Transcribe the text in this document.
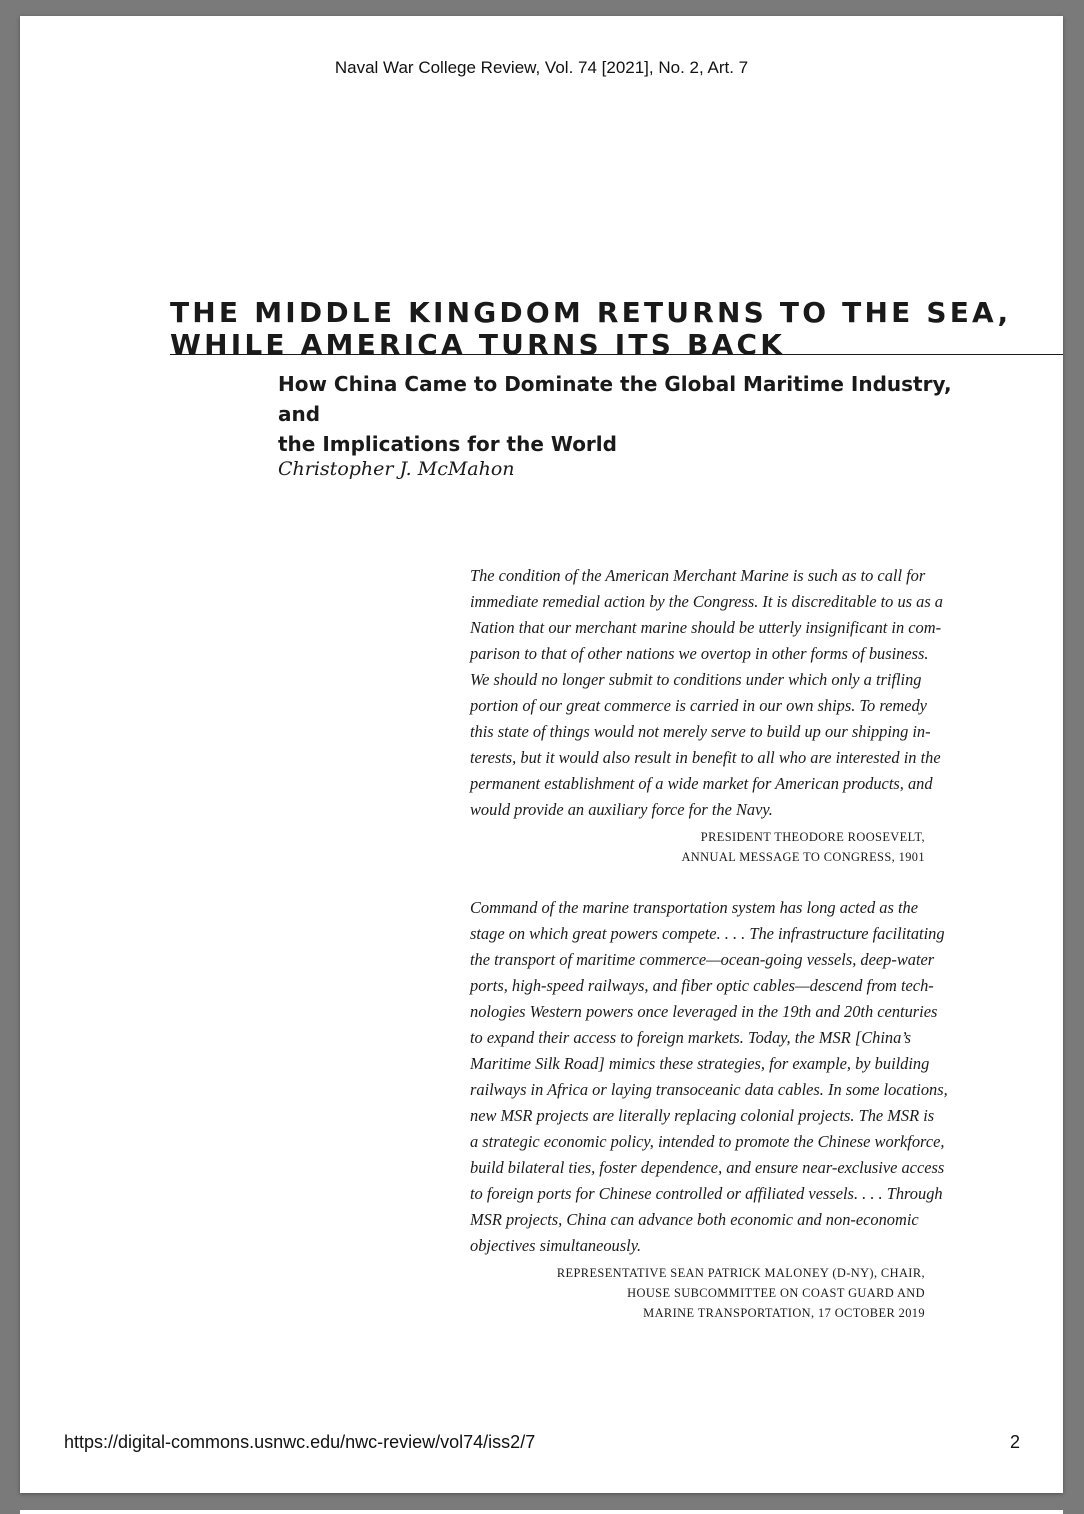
Naval War College Review, Vol. 74 [2021], No. 2, Art. 7
THE MIDDLE KINGDOM RETURNS TO THE SEA,
WHILE AMERICA TURNS ITS BACK
How China Came to Dominate the Global Maritime Industry, and
the Implications for the World
Christopher J. McMahon
The condition of the American Merchant Marine is such as to call for
immediate remedial action by the Congress. It is discreditable to us as a
Nation that our merchant marine should be utterly insignificant in com-
parison to that of other nations we overtop in other forms of business.
We should no longer submit to conditions under which only a trifling
portion of our great commerce is carried in our own ships. To remedy
this state of things would not merely serve to build up our shipping in-
terests, but it would also result in benefit to all who are interested in the
permanent establishment of a wide market for American products, and
would provide an auxiliary force for the Navy.
PRESIDENT THEODORE ROOSEVELT,
ANNUAL MESSAGE TO CONGRESS, 1901
Command of the marine transportation system has long acted as the
stage on which great powers compete. . . . The infrastructure facilitating
the transport of maritime commerce—ocean-going vessels, deep-water
ports, high-speed railways, and fiber optic cables—descend from tech-
nologies Western powers once leveraged in the 19th and 20th centuries
to expand their access to foreign markets. Today, the MSR [China’s
Maritime Silk Road] mimics these strategies, for example, by building
railways in Africa or laying transoceanic data cables. In some locations,
new MSR projects are literally replacing colonial projects. The MSR is
a strategic economic policy, intended to promote the Chinese workforce,
build bilateral ties, foster dependence, and ensure near-exclusive access
to foreign ports for Chinese controlled or affiliated vessels. . . . Through
MSR projects, China can advance both economic and non-economic
objectives simultaneously.
REPRESENTATIVE SEAN PATRICK MALONEY (D-NY), CHAIR,
HOUSE SUBCOMMITTEE ON COAST GUARD AND
MARINE TRANSPORTATION, 17 OCTOBER 2019
https://digital-commons.usnwc.edu/nwc-review/vol74/iss2/7	2
